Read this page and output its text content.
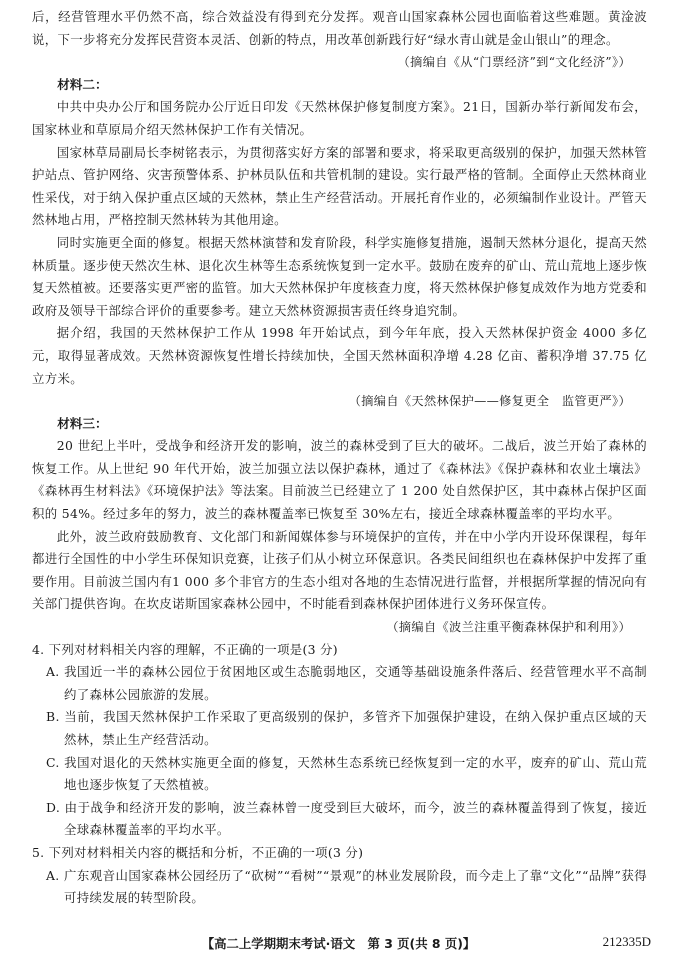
后，经营管理水平仍然不高，综合效益没有得到充分发挥。观音山国家森林公园也面临着这些难题。黄淦波说，下一步将充分发挥民营资本灵活、创新的特点，用改革创新践行好“绿水青山就是金山银山”的理念。

（摘编自《从“门票经济”到“文化经济”》）

材料二：

中共中央办公厅和国务院办公厅近日印发《天然林保护修复制度方案》。21日，国新办举行新闻发布会，国家林业和草原局介绍天然林保护工作有关情况。

国家林草局副局长李树铭表示，为贯彻落实好方案的部署和要求，将采取更高级别的保护，加强天然林管护站点、管护网络、灾害预警体系、护林员队伍和共管机制的建设。实行最严格的管制。全面停止天然林商业性采伐，对于纳入保护重点区域的天然林，禁止生产经营活动。开展托育作业的，必须编制作业设计。严管天然林地占用，严格控制天然林转为其他用途。

同时实施更全面的修复。根据天然林演替和发育阶段，科学实施修复措施，遏制天然林分退化，提高天然林质量。逐步使天然次生林、退化次生林等生态系统恢复到一定水平。鼓励在废弃的矿山、荒山荒地上逐步恢复天然植被。还要落实更严密的监管。加大天然林保护年度核查力度，将天然林保护修复成效作为地方党委和政府及领导干部综合评价的重要参考。建立天然林资源损害责任终身追究制。

据介绍，我国的天然林保护工作从 1998 年开始试点，到今年年底，投入天然林保护资金 4000 多亿元，取得显著成效。天然林资源恢复性增长持续加快，全国天然林面积净增 4.28 亿亩、蓄积净增 37.75 亿立方米。

（摘编自《天然林保护——修复更全　监管更严》）

材料三：

20 世纪上半叶，受战争和经济开发的影响，波兰的森林受到了巨大的破坏。二战后，波兰开始了森林的恢复工作。从上世纪 90 年代开始，波兰加强立法以保护森林，通过了《森林法》《保护森林和农业土壤法》《森林再生材料法》《环境保护法》等法案。目前波兰已经建立了 1 200 处自然保护区，其中森林占保护区面积的 54%。经过多年的努力，波兰的森林覆盖率已恢复至 30%左右，接近全球森林覆盖率的平均水平。

此外，波兰政府鼓励教育、文化部门和新闻媒体参与环境保护的宣传，并在中小学内开设环保课程，每年都进行全国性的中小学生环保知识竞赛，让孩子们从小树立环保意识。各类民间组织也在森林保护中发挥了重要作用。目前波兰国内有1 000 多个非官方的生态小组对各地的生态情况进行监督，并根据所掌握的情况向有关部门提供咨询。在坎皮诺斯国家森林公园中，不时能看到森林保护团体进行义务环保宣传。

（摘编自《波兰注重平衡森林保护和利用》）

4. 下列对材料相关内容的理解，不正确的一项是(3 分)
A. 我国近一半的森林公园位于贫困地区或生态脆弱地区，交通等基础设施条件落后、经营管理水平不高制约了森林公园旅游的发展。
B. 当前，我国天然林保护工作采取了更高级别的保护，多管齐下加强保护建设，在纳入保护重点区域的天然林，禁止生产经营活动。
C. 我国对退化的天然林实施更全面的修复，天然林生态系统已经恢复到一定的水平，废弃的矿山、荒山荒地也逐步恢复了天然植被。
D. 由于战争和经济开发的影响，波兰森林曾一度受到巨大破坏，而今，波兰的森林覆盖得到了恢复，接近全球森林覆盖率的平均水平。
5. 下列对材料相关内容的概括和分析，不正确的一项(3 分)
A. 广东观音山国家森林公园经历了“砍树”“看树”“景观”的林业发展阶段，而今走上了靠“文化”“品牌”获得可持续发展的转型阶段。
【高二上学期期末考试·语文　第 3 页(共 8 页)】	212335D
